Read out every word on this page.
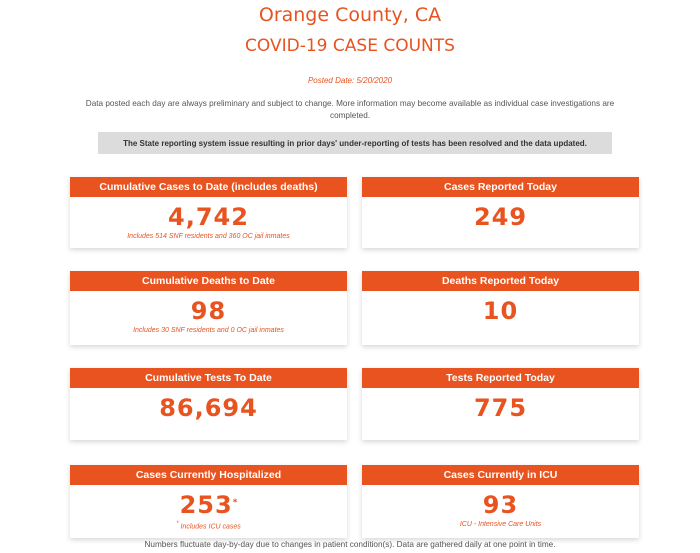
Orange County, CA
COVID-19 CASE COUNTS
Posted Date: 5/20/2020
Data posted each day are always preliminary and subject to change. More information may become available as individual case investigations are completed.
The State reporting system issue resulting in prior days' under-reporting of tests has been resolved and the data updated.
Cumulative Cases to Date (includes deaths)
4,742
Includes 514 SNF residents and 360 OC jail inmates
Cases Reported Today
249
Cumulative Deaths to Date
98
Includes 30 SNF residents and 0 OC jail inmates
Deaths Reported Today
10
Cumulative Tests To Date
86,694
Tests Reported Today
775
Cases Currently Hospitalized
253*
* Includes ICU cases
Cases Currently in ICU
93
ICU - Intensive Care Units
Numbers fluctuate day-by-day due to changes in patient condition(s). Data are gathered daily at one point in time.
